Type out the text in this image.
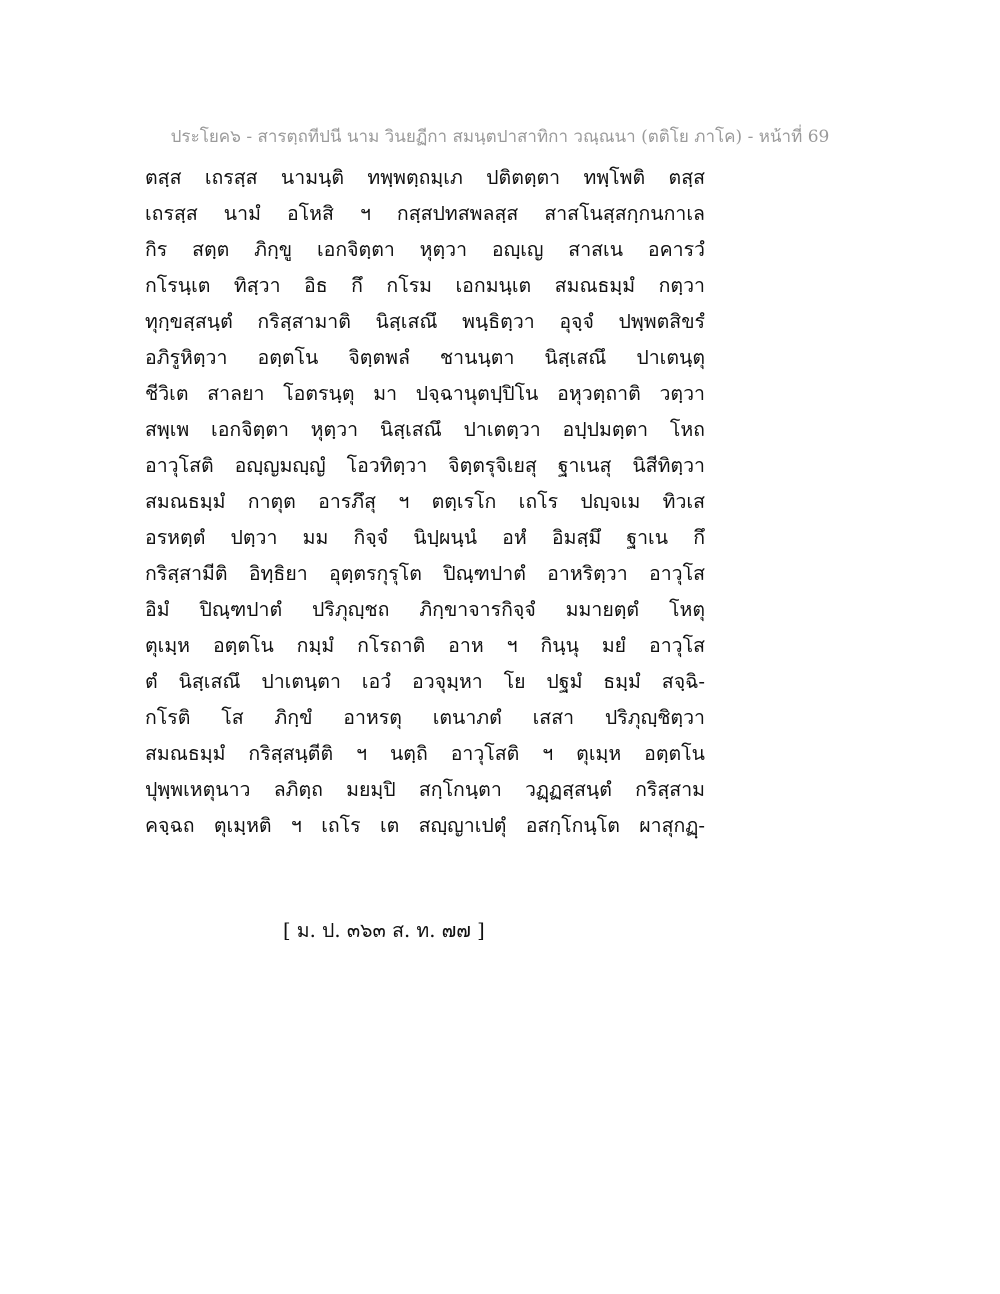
ประโยค๖ - สารตฺถทีปนี นาม วินยฏีกา สมนฺตปาสาทิกา วณฺณนา (ตติโย ภาโค) - หน้าที่ 69
ตสฺส เถรสฺส นามนฺติ ทพฺพตฺถมฺเภ ปติตตฺตา ทพฺโพติ ตสฺส
เถรสฺส นามํ อโหสิ ฯ กสฺสปทสพลสฺส สาสโนสฺสกฺกนกาเล
กิร สตฺต ภิกฺขู เอกจิตฺตา หุตฺวา อญฺเญ สาสเน อคารวํ
กโรนฺเต ทิสฺวา อิธ กึ กโรม เอกมนฺเต สมณธมฺมํ กตฺวา
ทุกฺขสฺสนฺตํ กริสฺสามาติ นิสฺเสณึ พนฺธิตฺวา อุจฺจํ ปพฺพตสิขรํ
อภิรูหิตฺวา อตฺตโน จิตฺตพลํ ชานนฺตา นิสฺเสณึ ปาเตนฺตุ
ชีวิเต สาลยา โอตรนฺตุ มา ปจฺฉานุตปฺปิโน อหุวตฺถาติ วตฺวา
สพฺเพ เอกจิตฺตา หุตฺวา นิสฺเสณึ ปาเตตฺวา อปฺปมตฺตา โหถ
อาวุโสติ อญฺญมญฺญํ โอวทิตฺวา จิตฺตรุจิเยสุ ฐาเนสุ นิสีทิตฺวา
สมณธมฺมํ กาตุต อารภึสุ ฯ ตตฺเรโก เถโร ปญฺจเม ทิวเส
อรหตฺตํ ปตฺวา มม กิจฺจํ นิปฺผนฺนํ อหํ อิมสฺมึ ฐาเน กึ
กริสฺสามีติ อิทฺธิยา อุตฺตรกุรุโต ปิณฺฑปาตํ อาหริตฺวา อาวุโส
อิมํ ปิณฺฑปาตํ ปริภุญฺชถ ภิกฺขาจารกิจฺจํ มมายตฺตํ โหตุ
ตุเมฺห อตฺตโน กมฺมํ กโรถาติ อาห ฯ กินฺนุ มยํ อาวุโส
ตํ นิสฺเสณึ ปาเตนฺตา เอวํ อวจุมฺหา โย ปฐมํ ธมฺมํ สจฺฉิ-
กโรติ โส ภิกฺขํ อาหรตุ เตนาภตํ เสสา ปริภุญฺชิตฺวา
สมณธมฺมํ กริสฺสนฺตีติ ฯ นตฺถิ อาวุโสติ ฯ ตุเมฺห อตฺตโน
ปุพฺพเหตุนาว ลภิตฺถ มยมฺปิ สกฺโกนฺตา วฏฺฏสฺสนฺตํ กริสฺสาม
คจฺฉถ ตุเมฺหติ ฯ เถโร เต สญฺญาเปตุํ อสกฺโกนฺโต ผาสุกฏฺ-
[ ม. ป. ๓๖๓ ส. ท. ๗๗ ]
